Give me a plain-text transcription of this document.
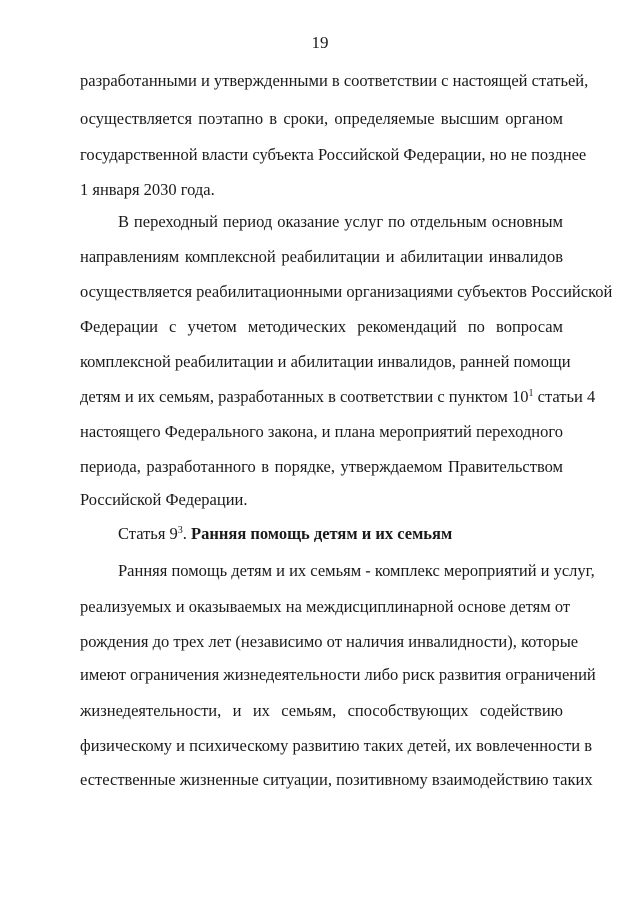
19
разработанными и утвержденными в соответствии с настоящей статьей,
осуществляется поэтапно в сроки, определяемые высшим органом
государственной власти субъекта Российской Федерации, но не позднее
1 января 2030 года.
В переходный период оказание услуг по отдельным основным
направлениям комплексной реабилитации и абилитации инвалидов
осуществляется реабилитационными организациями субъектов Российской
Федерации с учетом методических рекомендаций по вопросам
комплексной реабилитации и абилитации инвалидов, ранней помощи
детям и их семьям, разработанных в соответствии с пунктом $10^1$ статьи 4
настоящего Федерального закона, и плана мероприятий переходного
периода, разработанного в порядке, утверждаемом Правительством
Российской Федерации.
Статья $9^3$. Ранняя помощь детям и их семьям
Ранняя помощь детям и их семьям - комплекс мероприятий и услуг,
реализуемых и оказываемых на междисциплинарной основе детям от
рождения до трех лет (независимо от наличия инвалидности), которые
имеют ограничения жизнедеятельности либо риск развития ограничений
жизнедеятельности, и их семьям, способствующих содействию
физическому и психическому развитию таких детей, их вовлеченности в
естественные жизненные ситуации, позитивному взаимодействию таких
